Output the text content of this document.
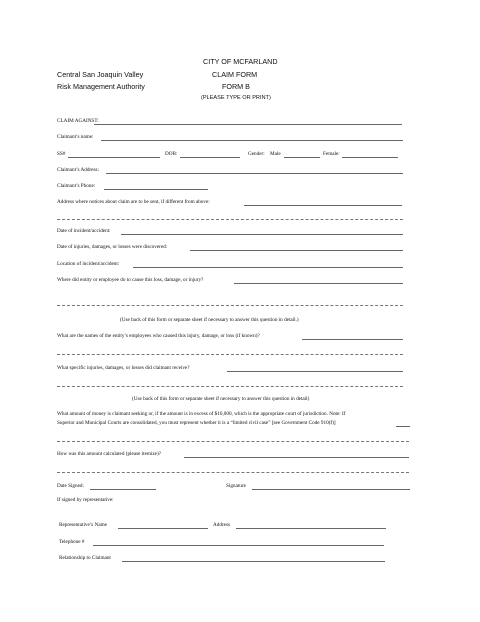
CITY OF MCFARLAND
Central San Joaquin Valley
Risk Management Authority
CLAIM FORM
FORM B
(PLEASE TYPE OR PRINT)
CLAIM AGAINST:
Claimant’s name:
SS#	DOB:	Gender: Male	Female:
Claimant’s Address:
Claimant’s Phone:
Address where notices about claim are to be sent, if different from above:
Date of incident/accident:
Date of injuries, damages, or losses were discovered:
Location of incident/accident:
Where did entity or employee do to cause this loss, damage, or injury?
(Use back of this form or separate sheet if necessary to answer this question in detail.)
What are the names of the entity’s employees who caused this injury, damage, or loss (if known)?
What specific injuries, damages, or losses did claimant receive?
(Use back of this form or separate sheet if necessary to answer this question in detail)
What amount of money is claimant seeking or, if the amount is in excess of $10,000, which is the appropriate court of jurisdiction. Note: If
Superior and Municipal Courts are consolidated, you must represent whether it is a “limited civil case” [see Government Code 910(f)]
How was this amount calculated (please itemize)?
Date Signed:	Signature
If signed by representative:
Representative’s Name	Address
Telephone #
Relationship to Claimant
